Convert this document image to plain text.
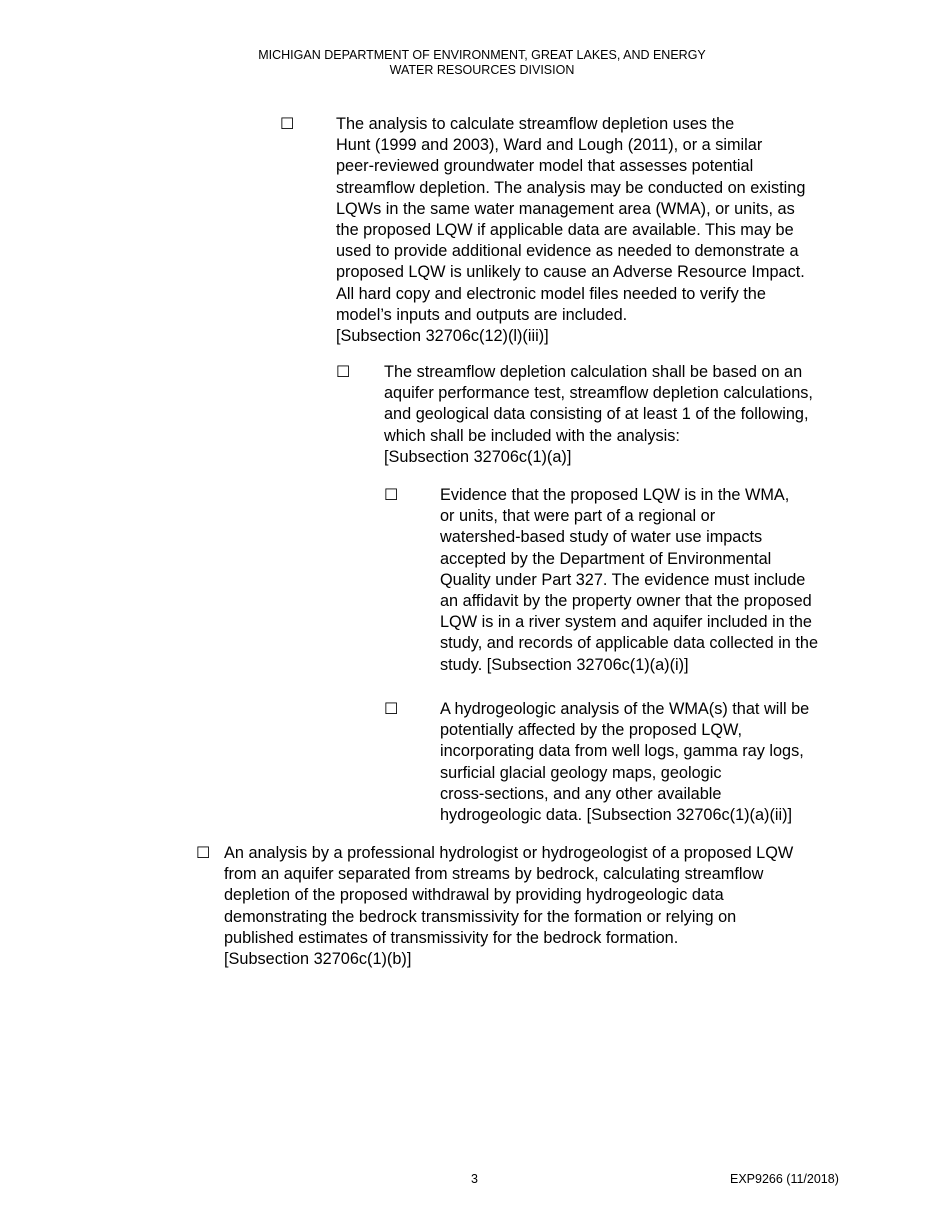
MICHIGAN DEPARTMENT OF ENVIRONMENT, GREAT LAKES, AND ENERGY
WATER RESOURCES DIVISION
☐	The analysis to calculate streamflow depletion uses the
Hunt (1999 and 2003), Ward and Lough (2011), or a similar
peer-reviewed groundwater model that assesses potential
streamflow depletion. The analysis may be conducted on existing
LQWs in the same water management area (WMA), or units, as
the proposed LQW if applicable data are available. This may be
used to provide additional evidence as needed to demonstrate a
proposed LQW is unlikely to cause an Adverse Resource Impact.
All hard copy and electronic model files needed to verify the
model’s inputs and outputs are included.
[Subsection 32706c(12)(l)(iii)]
☐ The streamflow depletion calculation shall be based on an
aquifer performance test, streamflow depletion calculations,
and geological data consisting of at least 1 of the following,
which shall be included with the analysis:
[Subsection 32706c(1)(a)]
☐	Evidence that the proposed LQW is in the WMA,
or units, that were part of a regional or
watershed-based study of water use impacts
accepted by the Department of Environmental
Quality under Part 327. The evidence must include
an affidavit by the property owner that the proposed
LQW is in a river system and aquifer included in the
study, and records of applicable data collected in the
study. [Subsection 32706c(1)(a)(i)]
☐	A hydrogeologic analysis of the WMA(s) that will be
potentially affected by the proposed LQW,
incorporating data from well logs, gamma ray logs,
surficial glacial geology maps, geologic
cross-sections, and any other available
hydrogeologic data. [Subsection 32706c(1)(a)(ii)]
☐ An analysis by a professional hydrologist or hydrogeologist of a proposed LQW
from an aquifer separated from streams by bedrock, calculating streamflow
depletion of the proposed withdrawal by providing hydrogeologic data
demonstrating the bedrock transmissivity for the formation or relying on
published estimates of transmissivity for the bedrock formation.
[Subsection 32706c(1)(b)]
3	EXP9266 (11/2018)
